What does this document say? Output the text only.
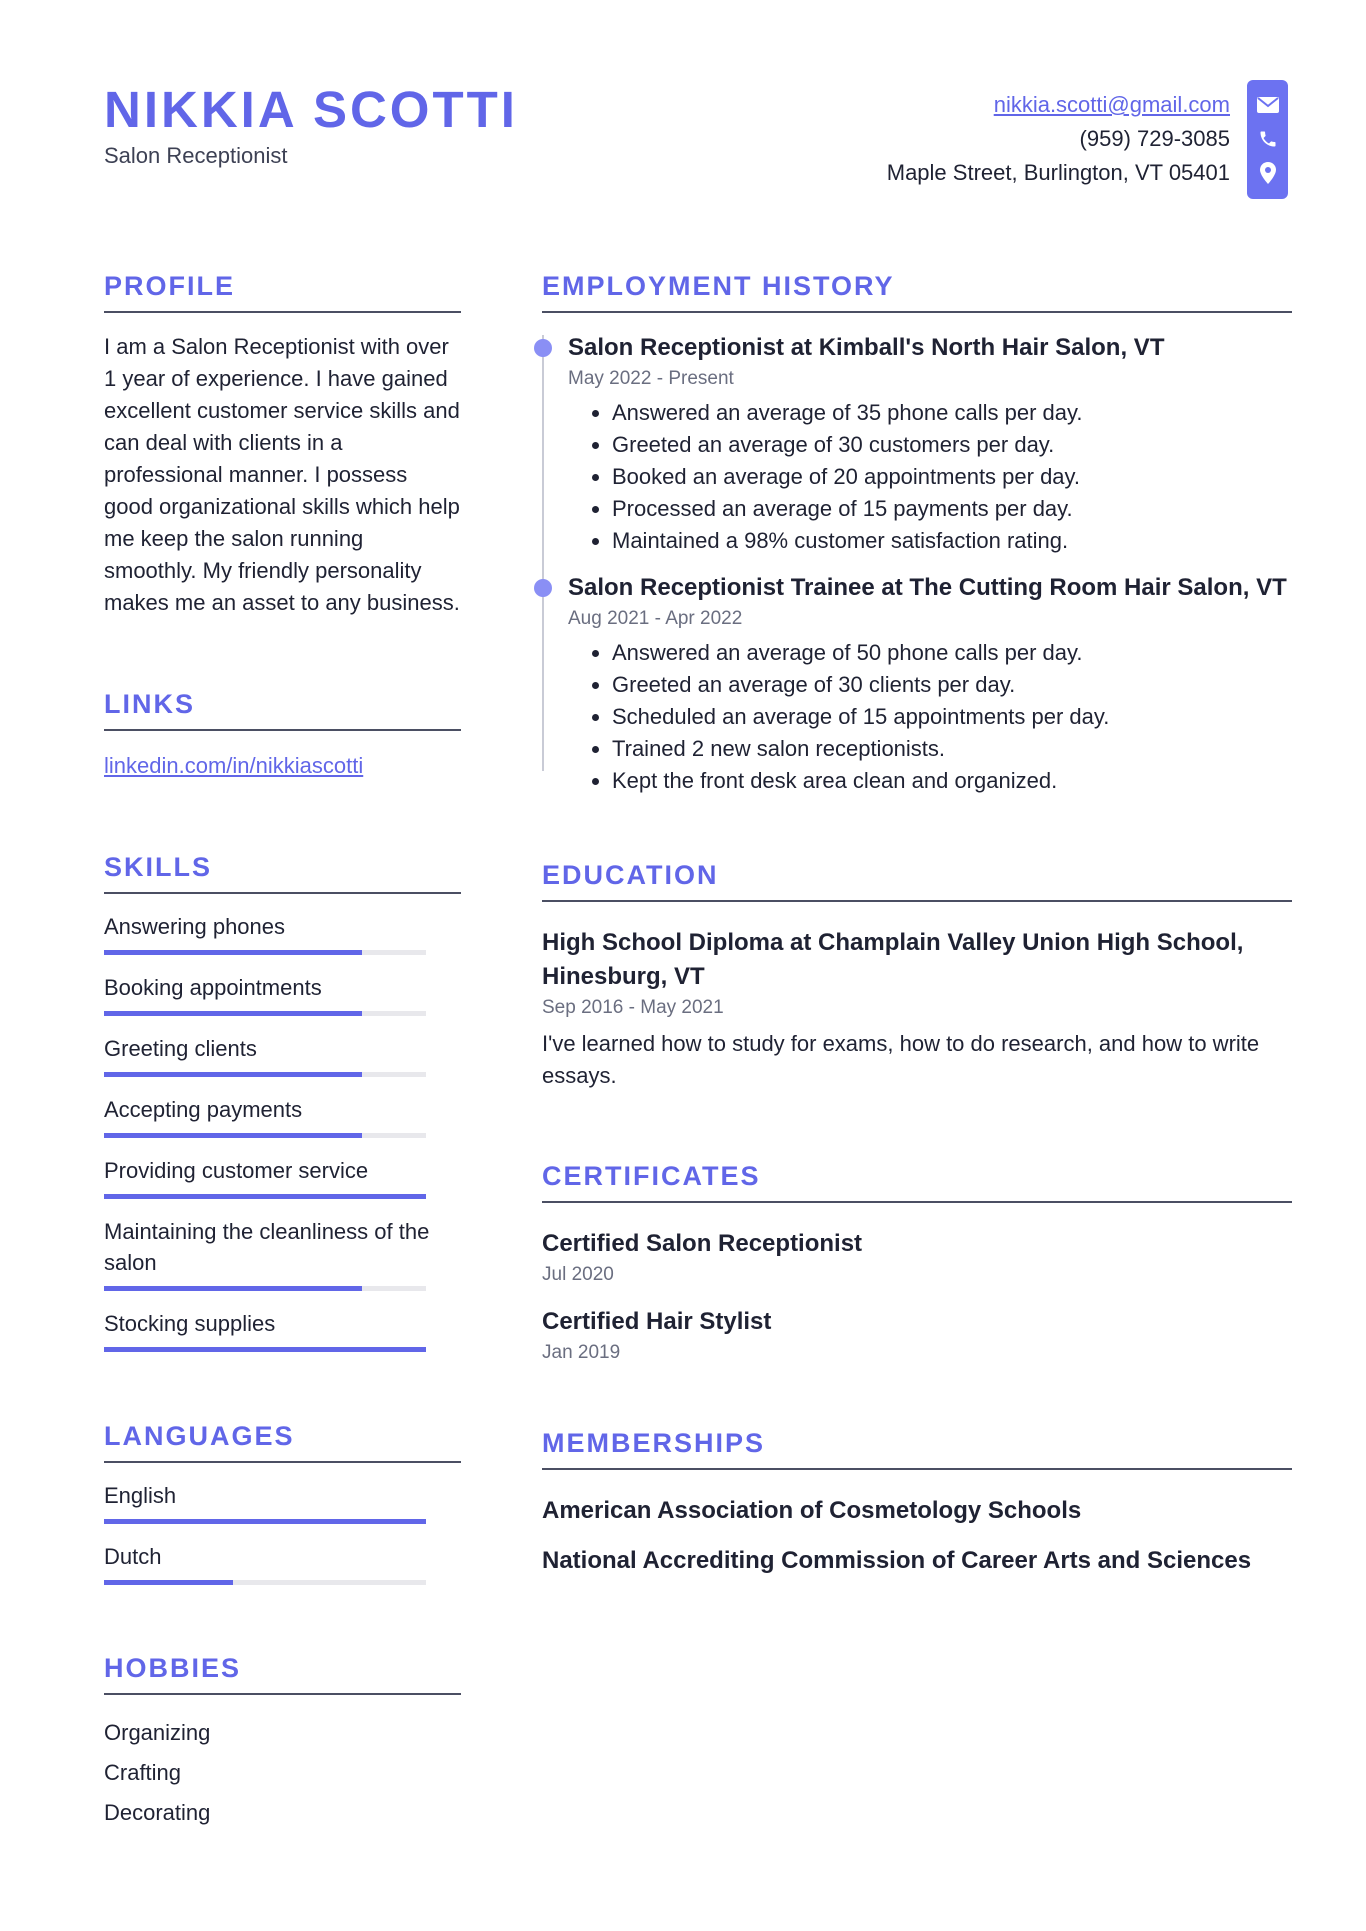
NIKKIA SCOTTI
Salon Receptionist
nikkia.scotti@gmail.com
(959) 729-3085
Maple Street, Burlington, VT 05401
PROFILE
I am a Salon Receptionist with over 1 year of experience. I have gained excellent customer service skills and can deal with clients in a professional manner. I possess good organizational skills which help me keep the salon running smoothly. My friendly personality makes me an asset to any business.
LINKS
linkedin.com/in/nikkiascotti
SKILLS
Answering phones
Booking appointments
Greeting clients
Accepting payments
Providing customer service
Maintaining the cleanliness of the salon
Stocking supplies
LANGUAGES
English
Dutch
HOBBIES
Organizing
Crafting
Decorating
EMPLOYMENT HISTORY
Salon Receptionist at Kimball's North Hair Salon, VT
May 2022 - Present
• Answered an average of 35 phone calls per day.
• Greeted an average of 30 customers per day.
• Booked an average of 20 appointments per day.
• Processed an average of 15 payments per day.
• Maintained a 98% customer satisfaction rating.
Salon Receptionist Trainee at The Cutting Room Hair Salon, VT
Aug 2021 - Apr 2022
• Answered an average of 50 phone calls per day.
• Greeted an average of 30 clients per day.
• Scheduled an average of 15 appointments per day.
• Trained 2 new salon receptionists.
• Kept the front desk area clean and organized.
EDUCATION
High School Diploma at Champlain Valley Union High School, Hinesburg, VT
Sep 2016 - May 2021
I've learned how to study for exams, how to do research, and how to write essays.
CERTIFICATES
Certified Salon Receptionist
Jul 2020
Certified Hair Stylist
Jan 2019
MEMBERSHIPS
American Association of Cosmetology Schools
National Accrediting Commission of Career Arts and Sciences
